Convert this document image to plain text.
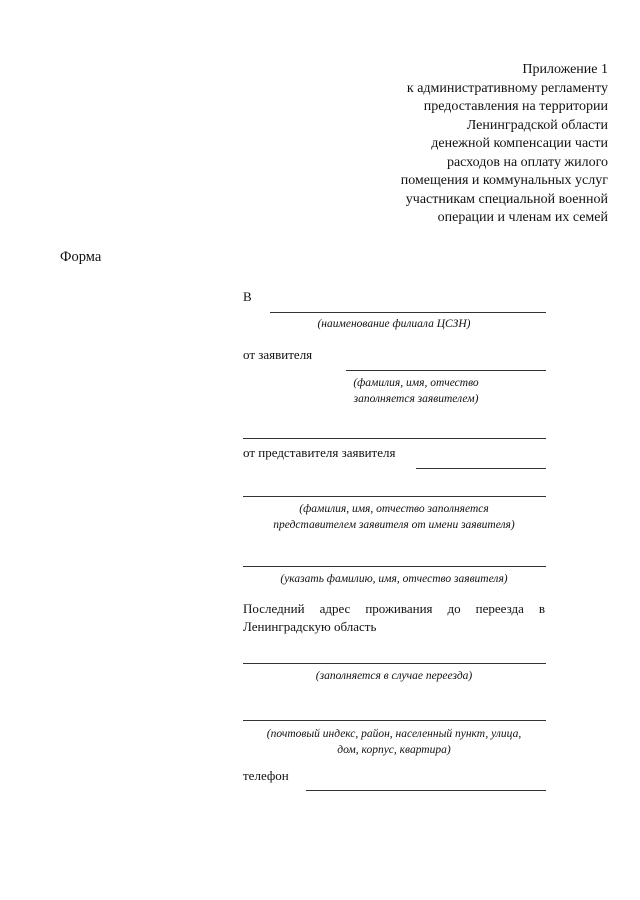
Приложение 1
к административному регламенту
предоставления на территории
Ленинградской области
денежной компенсации части
расходов на оплату жилого
помещения и коммунальных услуг
участникам специальной военной
операции и членам их семей
Форма
В
(наименование филиала ЦСЗН)
от заявителя
(фамилия, имя, отчество
заполняется заявителем)
от представителя заявителя
(фамилия, имя, отчество заполняется
представителем заявителя от имени заявителя)
(указать фамилию, имя, отчество заявителя)
Последний адрес проживания до переезда в
Ленинградскую область
(заполняется в случае переезда)
(почтовый индекс, район, населенный пункт, улица,
дом, корпус, квартира)
телефон
